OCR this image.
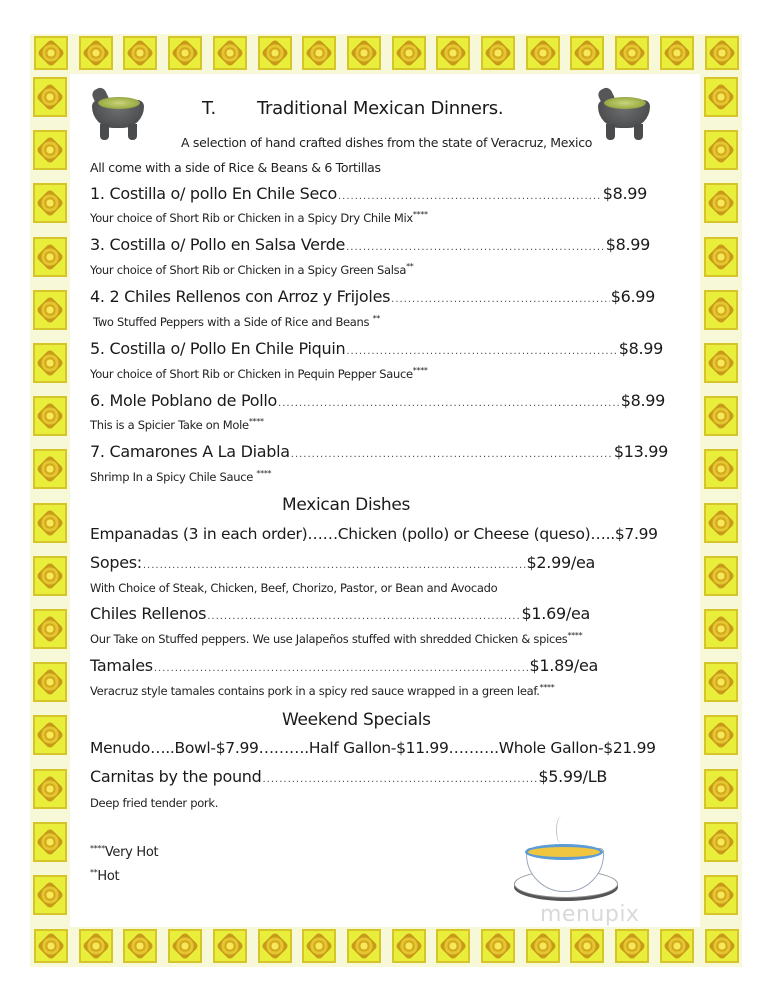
T. Traditional Mexican Dinners.
A selection of hand crafted dishes from the state of Veracruz, Mexico
All come with a side of Rice & Beans & 6 Tortillas
1. Costilla o/ pollo En Chile Seco .....	$8.99
Your choice of Short Rib or Chicken in a Spicy Dry Chile Mix****
3. Costilla o/ Pollo en Salsa Verde .....	$8.99
Your choice of Short Rib or Chicken in a Spicy Green Salsa**
4. 2 Chiles Rellenos con Arroz y Frijoles .....	$6.99
Two Stuffed Peppers with a Side of Rice and Beans **
5. Costilla o/ Pollo En Chile Piquin .....	$8.99
Your choice of Short Rib or Chicken in Pequin Pepper Sauce****
6. Mole Poblano de Pollo .....	$8.99
This is a Spicier Take on Mole****
7. Camarones A La Diabla .....	$13.99
Shrimp In a Spicy Chile Sauce ****
Mexican Dishes
Empanadas (3 in each order)……Chicken (pollo) or Cheese (queso)…..$7.99
Sopes: .....	$2.99/ea
With Choice of Steak, Chicken, Beef, Chorizo, Pastor, or Bean and Avocado
Chiles Rellenos .....	$1.69/ea
Our Take on Stuffed peppers. We use Jalapeños stuffed with shredded Chicken & spices****
Tamales .....	$1.89/ea
Veracruz style tamales contains pork in a spicy red sauce wrapped in a green leaf.****
Weekend Specials
Menudo…..Bowl-$7.99……….Half Gallon-$11.99……….Whole Gallon-$21.99
Carnitas by the pound .....	$5.99/LB
Deep fried tender pork.
****Very Hot
**Hot
menupix
